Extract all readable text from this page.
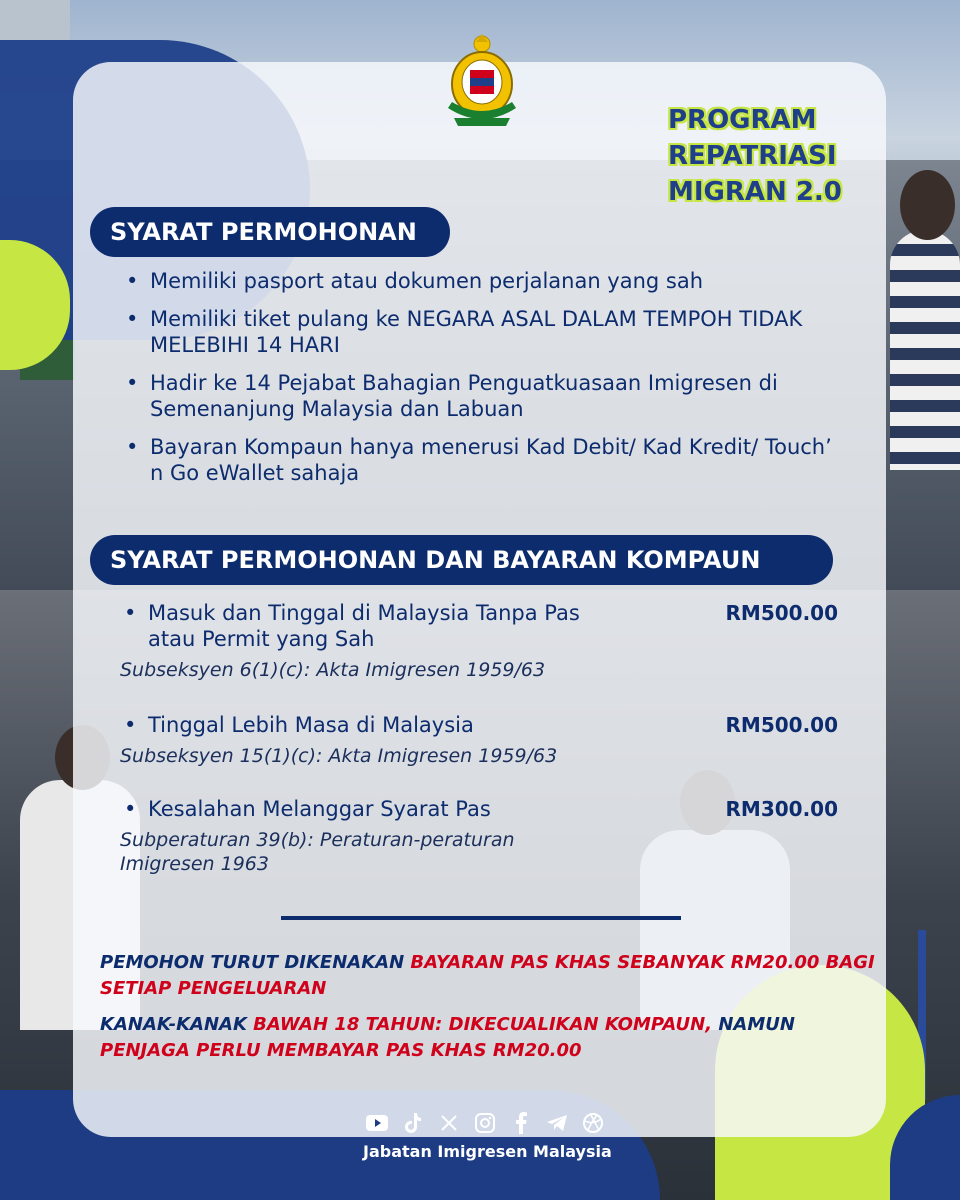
PROGRAM
REPATRIASI
MIGRAN 2.0
SYARAT PERMOHONAN
• Memiliki pasport atau dokumen perjalanan yang sah
• Memiliki tiket pulang ke NEGARA ASAL DALAM TEMPOH TIDAK MELEBIHI 14 HARI
• Hadir ke 14 Pejabat Bahagian Penguatkuasaan Imigresen di Semenanjung Malaysia dan Labuan
• Bayaran Kompaun hanya menerusi Kad Debit/ Kad Kredit/ Touch’ n Go eWallet sahaja
SYARAT PERMOHONAN DAN BAYARAN KOMPAUN
• Masuk dan Tinggal di Malaysia Tanpa Pas atau Permit yang Sah
RM500.00
Subseksyen 6(1)(c): Akta Imigresen 1959/63
• Tinggal Lebih Masa di Malaysia	RM500.00
Subseksyen 15(1)(c): Akta Imigresen 1959/63
• Kesalahan Melanggar Syarat Pas	RM300.00
Subperaturan 39(b): Peraturan-peraturan Imigresen 1963
PEMOHON TURUT DIKENAKAN BAYARAN PAS KHAS SEBANYAK RM20.00 BAGI SETIAP PENGELUARAN
KANAK-KANAK BAWAH 18 TAHUN: DIKECUALIKAN KOMPAUN, NAMUN PENJAGA PERLU MEMBAYAR PAS KHAS RM20.00
Jabatan Imigresen Malaysia
